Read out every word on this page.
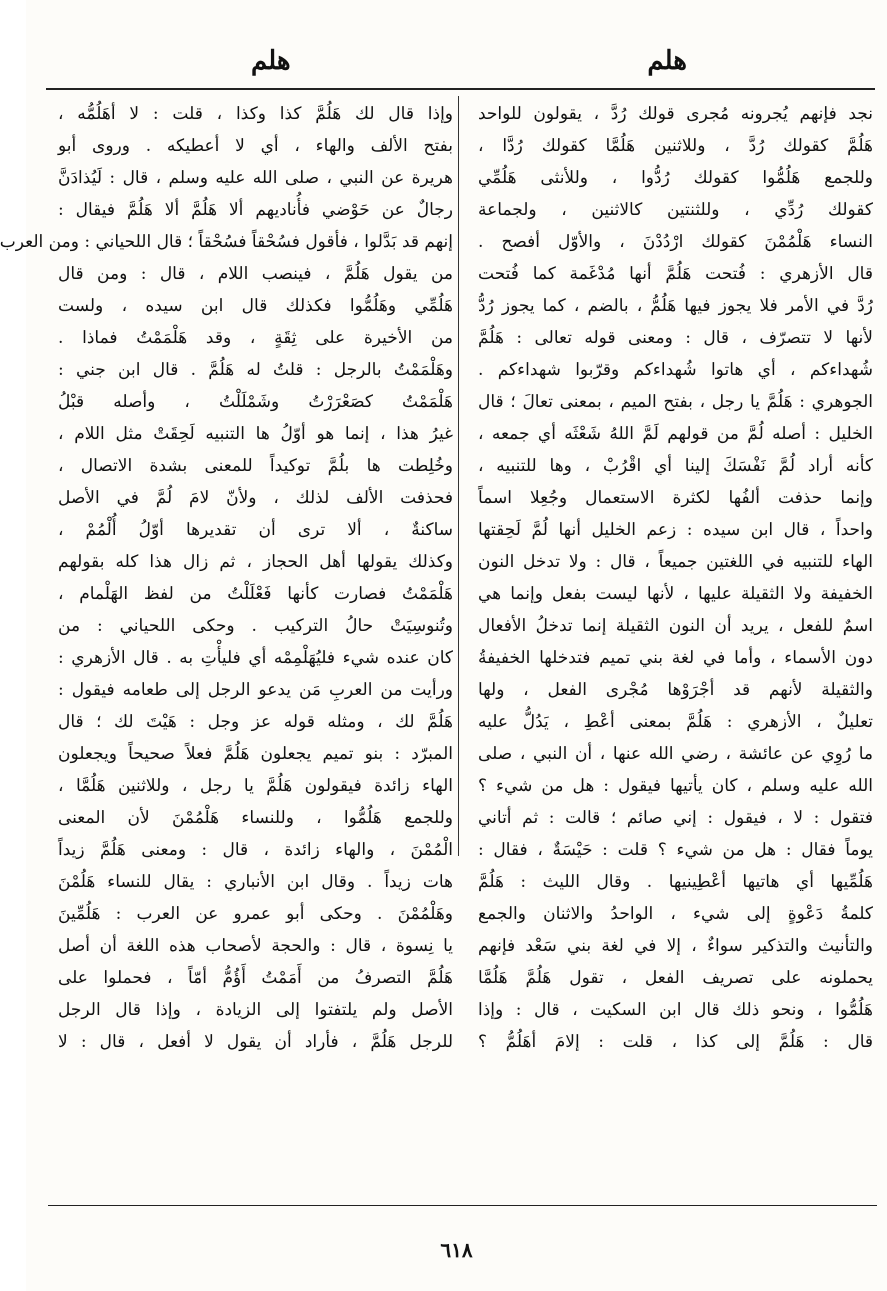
هلم
هلم
نجد فإنهم يُجرونه مُجرى قولك رُدَّ ، يقولون للواحد
هَلُمَّ كقولك رُدَّ ، وللاثنين هَلُمَّا كقولك رُدَّا ،
وللجمع هَلُمُّوا كقولك رُدُّوا ، وللأنثى هَلُمِّي
كقولك رُدِّي ، وللثنتين كالاثنين ، ولجماعة
النساء هَلْمُمْنَ كقولك ارْدُدْنَ ، والأوّل أفصح .
قال الأزهري : فُتحت هَلُمَّ أنها مُدْغَمة كما فُتحت
رُدَّ في الأمر فلا يجوز فيها هَلُمُّ ، بالضم ، كما يجوز رُدُّ
لأنها لا تتصرّف ، قال : ومعنى قوله تعالى : هَلُمَّ
شُهداءكم ، أي هاتوا شُهداءكم وقرّبوا شهداءكم .
الجوهري : هَلُمَّ يا رجل ، بفتح الميم ، بمعنى تعالَ ؛ قال
الخليل : أصله لُمَّ من قولهم لَمَّ اللهُ شَعْثَه أي جمعه ،
كأنه أراد لُمَّ نَفْسَكَ إلينا أي اقْرُبْ ، وها للتنبيه ،
وإنما حذفت ألفُها لكثرة الاستعمال وجُعِلا اسماً
واحداً ، قال ابن سيده : زعم الخليل أنها لُمَّ لَحِقتها
الهاء للتنبيه في اللغتين جميعاً ، قال : ولا تدخل النون
الخفيفة ولا الثقيلة عليها ، لأنها ليست بفعل وإنما هي
اسمٌ للفعل ، يريد أن النون الثقيلة إنما تدخلُ الأفعال
دون الأسماء ، وأما في لغة بني تميم فتدخلها الخفيفةُ
والثقيلة لأنهم قد أجْرَوْها مُجْرى الفعل ، ولها
تعليلٌ ، الأزهري : هَلُمَّ بمعنى أعْطِ ، يَدُلُّ عليه
ما رُوِي عن عائشة ، رضي الله عنها ، أن النبي ، صلى
الله عليه وسلم ، كان يأتيها فيقول : هل من شيء ؟
فتقول : لا ، فيقول : إني صائم ؛ قالت : ثم أتاني
يوماً فقال : هل من شيء ؟ قلت : حَيْسَةٌ ، فقال :
هَلُمِّيها أي هاتيها أعْطِينيها . وقال الليث : هَلُمَّ
كلمةُ دَعْوةٍ إلى شيء ، الواحدُ والاثنان والجمع
والتأنيث والتذكير سواءٌ ، إلا في لغة بني سَعْد فإنهم
يحملونه على تصريف الفعل ، تقول هَلُمَّ هَلُمَّا
هَلُمُّوا ، ونحو ذلك قال ابن السكيت ، قال : وإذا
قال : هَلُمَّ إلى كذا ، قلت : إلامَ أهَلُمُّ ؟
وإذا قال لك هَلُمَّ كذا وكذا ، قلت : لا أهَلُمُّه ،
بفتح الألف والهاء ، أي لا أعطيكه . وروى أبو
هريرة عن النبي ، صلى الله عليه وسلم ، قال : لَيُذادَنَّ
رجالٌ عن حَوْضي فأُناديهم ألا هَلُمَّ ألا هَلُمَّ فيقال :
إنهم قد بَدَّلوا ، فأقول فسُحْقاً فسُحْقاً ؛ قال اللحياني : ومن العرب
من يقول هَلُمَّ ، فينصب اللام ، قال : ومن قال
هَلُمِّي وهَلُمُّوا فكذلك قال ابن سيده ، ولست
من الأخيرة على ثِقَةٍ ، وقد هَلْمَمْتُ فماذا .
وهَلْمَمْتُ بالرجل : قلتُ له هَلُمَّ . قال ابن جني :
هَلْمَمْتُ كصَعْرَرْتُ وشَمْلَلْتُ ، وأصله قبْلُ
غيرُ هذا ، إنما هو أوّلُ ها التنبيه لَحِقَتْ مثل اللام ،
وخُلِطت ها بلُمَّ توكيداً للمعنى بشدة الاتصال ،
فحذفت الألف لذلك ، ولأنّ لامَ لُمَّ في الأصل
ساكنةٌ ، ألا ترى أن تقديرها أوّلُ أُلْمُمْ ،
وكذلك يقولها أهل الحجاز ، ثم زال هذا كله بقولهم
هَلْمَمْتُ فصارت كأنها فَعْلَلْتُ من لفظ الهَلْمام ،
وتُنوسِيَتْ حالُ التركيب . وحكى اللحياني : من
كان عنده شيء فليُهَلْمِمْه أي فليأْتِ به . قال الأزهري :
ورأيت من العربِ مَن يدعو الرجل إلى طعامه فيقول :
هَلُمَّ لك ، ومثله قوله عز وجل : هَيْتَ لك ؛ قال
المبرّد : بنو تميم يجعلون هَلُمَّ فعلاً صحيحاً ويجعلون
الهاء زائدة فيقولون هَلُمَّ يا رجل ، وللاثنين هَلُمَّا ،
وللجمع هَلُمُّوا ، وللنساء هَلْمُمْنَ لأن المعنى
الْمُمْنَ ، والهاء زائدة ، قال : ومعنى هَلُمَّ زيداً
هات زيداً . وقال ابن الأنباري : يقال للنساء هَلُمْنَ
وهَلْمُمْنَ . وحكى أبو عمرو عن العرب : هَلُمِّينَ
يا نِسوة ، قال : والحجة لأصحاب هذه اللغة أن أصل
هَلُمَّ التصرفُ من أَمَمْتُ أَؤُمُّ أمّاً ، فحملوا على
الأصل ولم يلتفتوا إلى الزيادة ، وإذا قال الرجل
للرجل هَلُمَّ ، فأراد أن يقول لا أفعل ، قال : لا
٦١٨
